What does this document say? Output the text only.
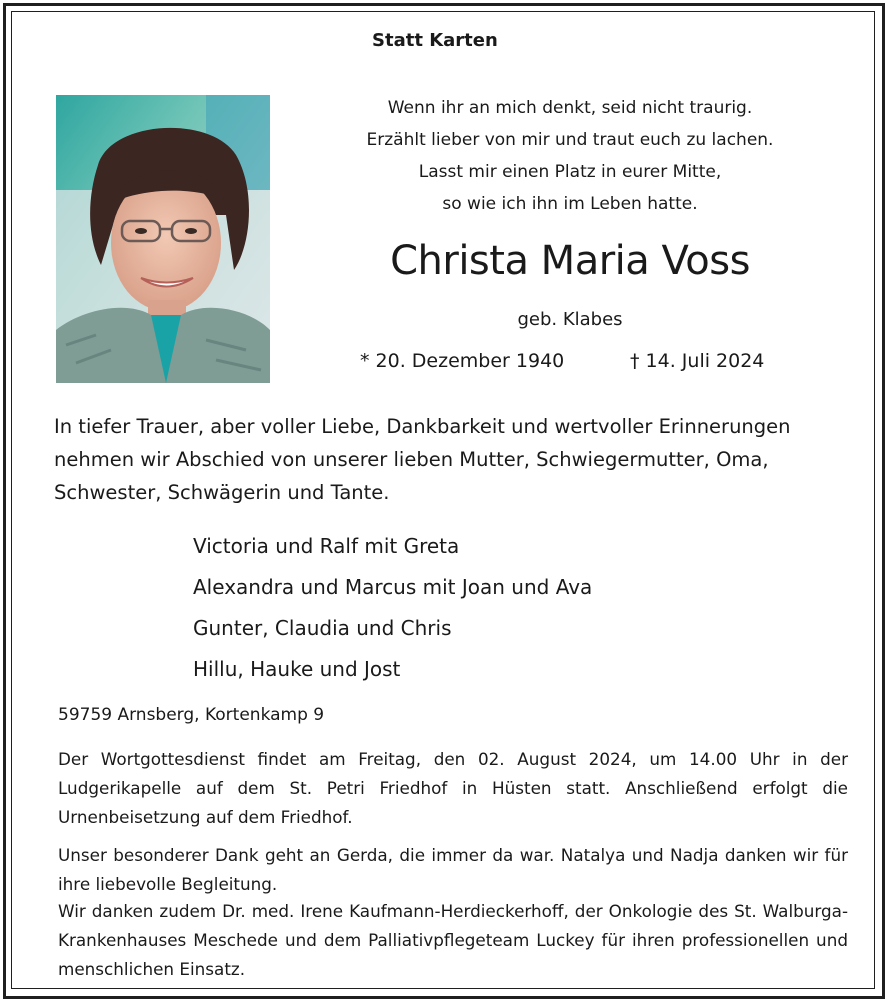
Statt Karten
Wenn ihr an mich denkt, seid nicht traurig.
Erzählt lieber von mir und traut euch zu lachen.
Lasst mir einen Platz in eurer Mitte,
so wie ich ihn im Leben hatte.
Christa Maria Voss
geb. Klabes
* 20. Dezember 1940	† 14. Juli 2024
In tiefer Trauer, aber voller Liebe, Dankbarkeit und wertvoller Erinnerungen nehmen wir Abschied von unserer lieben Mutter, Schwiegermutter, Oma, Schwester, Schwägerin und Tante.
Victoria und Ralf mit Greta
Alexandra und Marcus mit Joan und Ava
Gunter, Claudia und Chris
Hillu, Hauke und Jost
59759 Arnsberg, Kortenkamp 9
Der Wortgottesdienst findet am Freitag, den 02. August 2024, um 14.00 Uhr in der Ludgerikapelle auf dem St. Petri Friedhof in Hüsten statt. Anschließend erfolgt die Urnenbeisetzung auf dem Friedhof.
Unser besonderer Dank geht an Gerda, die immer da war. Natalya und Nadja danken wir für ihre liebevolle Begleitung.
Wir danken zudem Dr. med. Irene Kaufmann-Herdieckerhoff, der Onkologie des St. Walburga-Krankenhauses Meschede und dem Palliativpflegeteam Luckey für ihren professionellen und menschlichen Einsatz.
